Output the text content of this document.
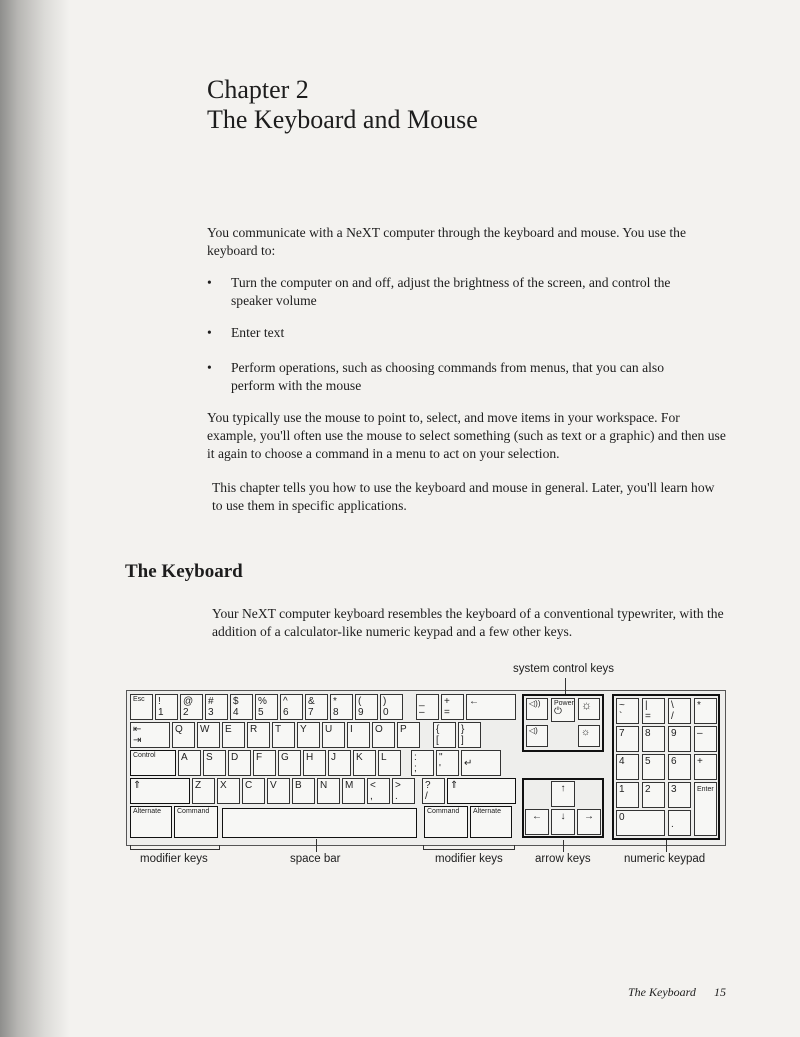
Chapter 2
The Keyboard and Mouse
You communicate with a NeXT computer through the keyboard and mouse. You use the keyboard to:
• Turn the computer on and off, adjust the brightness of the screen, and control the speaker volume
• Enter text
• Perform operations, such as choosing commands from menus, that you can also perform with the mouse
You typically use the mouse to point to, select, and move items in your workspace. For example, you'll often use the mouse to select something (such as text or a graphic) and then use it again to choose a command in a menu to act on your selection.
This chapter tells you how to use the keyboard and mouse in general. Later, you'll learn how to use them in specific applications.
The Keyboard
Your NeXT computer keyboard resembles the keyboard of a conventional typewriter, with the addition of a calculator-like numeric keypad and a few other keys.
system control keys
modifier keys	space bar	modifier keys	arrow keys	numeric keypad
Esc	!
1
@
2
#
3
$
4
%
5
^
6
&
7
*
8
(
9
)
0
_
–
+
=
←
⇤
⇥
Q	W	E	R	T	Y	U	I	O	P	{
[
}
]
Control	A	S	D	F	G	H	J	K	L	:
;
"
'	↵
⇑	Z	X	C	V	B	N	M	<
,
>
.
?
/
⇑
Alternate	Command	Command	Alternate
◁))	Power
⏻	☼
◁)	☼
↑
←	↓	→
~
`
|
=
\
/
*
7	8	9	–
4	5	6	+
1	2	3	Enter
0
.
The Keyboard 15
